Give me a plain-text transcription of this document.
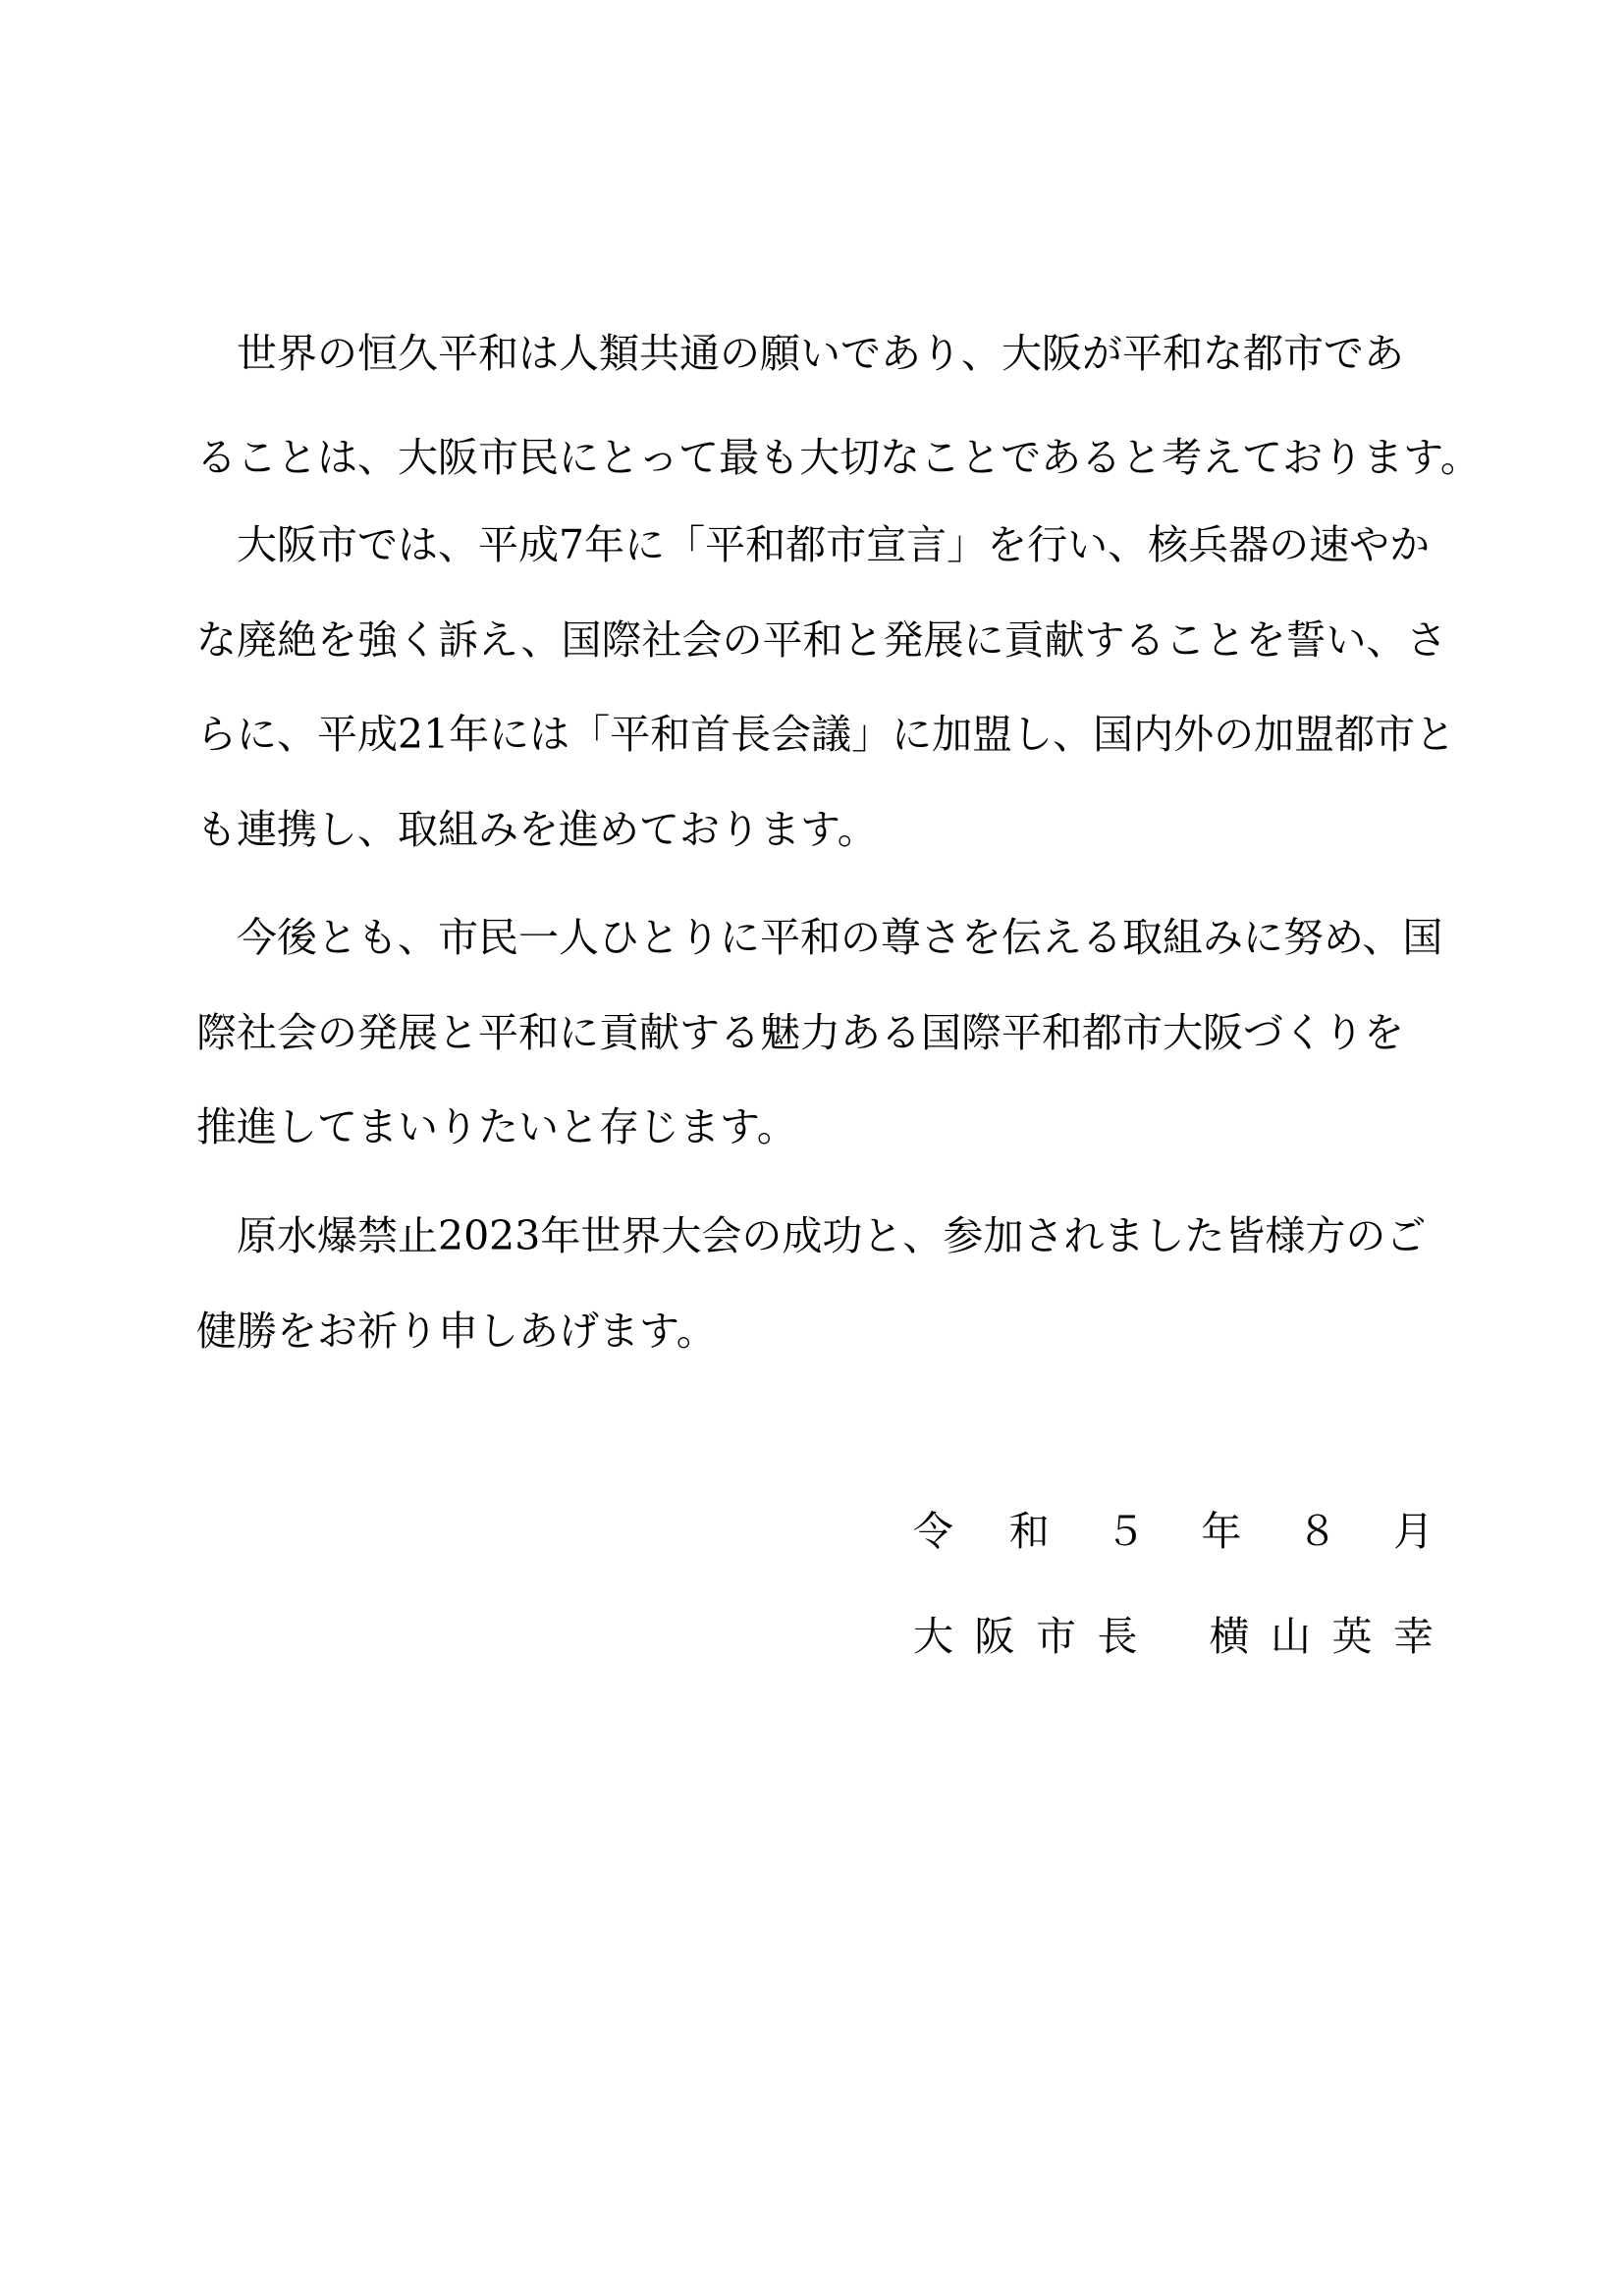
　世界の恒久平和は人類共通の願いであり、大阪が平和な都市であ
ることは、大阪市民にとって最も大切なことであると考えております。
　大阪市では、平成7年に「平和都市宣言」を行い、核兵器の速やか
な廃絶を強く訴え、国際社会の平和と発展に貢献することを誓い、さ
らに、平成21年には「平和首長会議」に加盟し、国内外の加盟都市と
も連携し、取組みを進めております。
　今後とも、市民一人ひとりに平和の尊さを伝える取組みに努め、国
際社会の発展と平和に貢献する魅力ある国際平和都市大阪づくりを
推進してまいりたいと存じます。
　原水爆禁止2023年世界大会の成功と、参加されました皆様方のご
健勝をお祈り申しあげます。
令 和 ５ 年 ８ 月
大 阪 市 長 横 山 英 幸
